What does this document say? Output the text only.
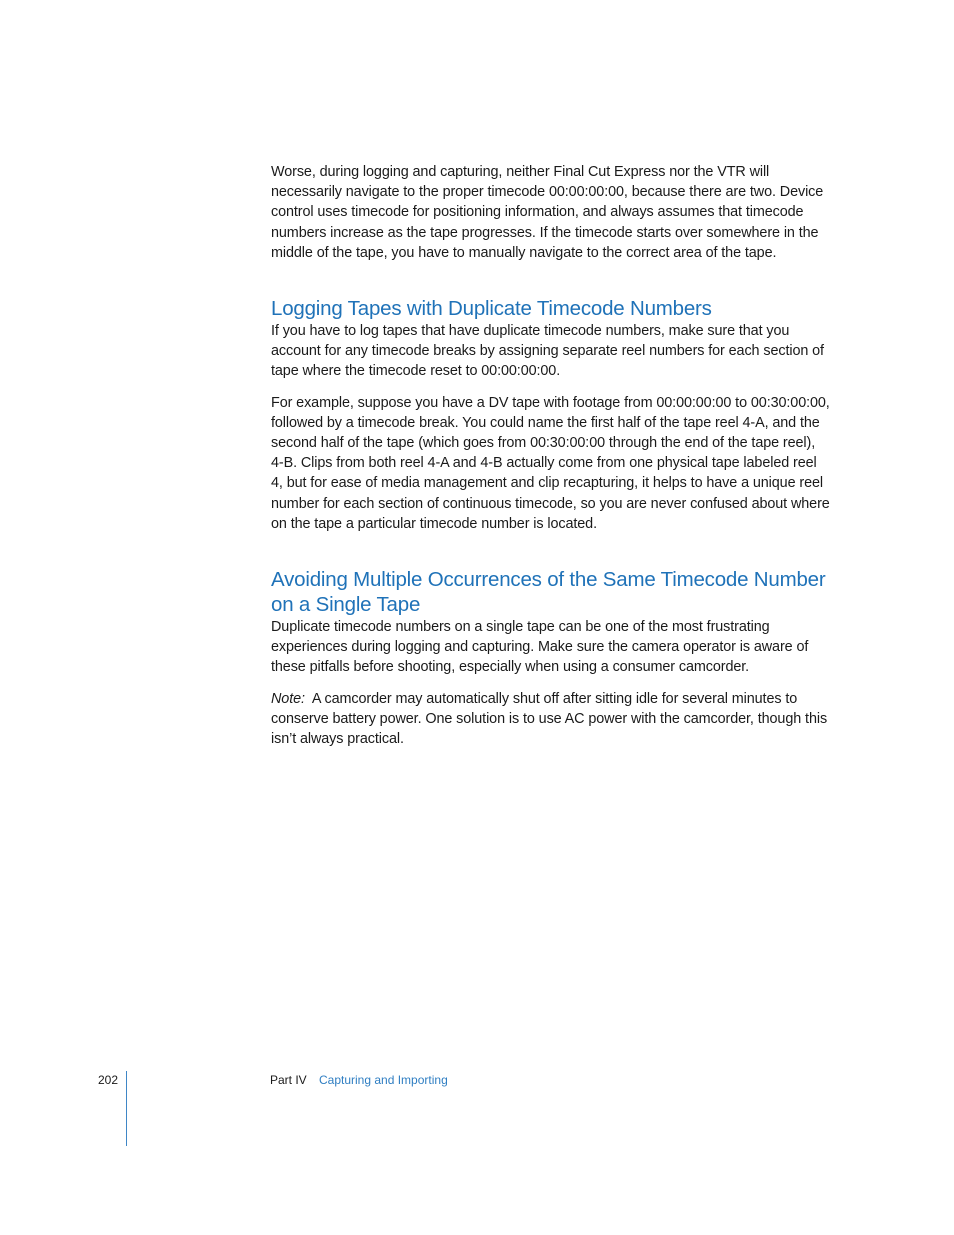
Worse, during logging and capturing, neither Final Cut Express nor the VTR will necessarily navigate to the proper timecode 00:00:00:00, because there are two. Device control uses timecode for positioning information, and always assumes that timecode numbers increase as the tape progresses. If the timecode starts over somewhere in the middle of the tape, you have to manually navigate to the correct area of the tape.

Logging Tapes with Duplicate Timecode Numbers

If you have to log tapes that have duplicate timecode numbers, make sure that you account for any timecode breaks by assigning separate reel numbers for each section of tape where the timecode reset to 00:00:00:00.

For example, suppose you have a DV tape with footage from 00:00:00:00 to 00:30:00:00, followed by a timecode break. You could name the first half of the tape reel 4-A, and the second half of the tape (which goes from 00:30:00:00 through the end of the tape reel), 4-B. Clips from both reel 4-A and 4-B actually come from one physical tape labeled reel 4, but for ease of media management and clip recapturing, it helps to have a unique reel number for each section of continuous timecode, so you are never confused about where on the tape a particular timecode number is located.

Avoiding Multiple Occurrences of the Same Timecode Number on a Single Tape

Duplicate timecode numbers on a single tape can be one of the most frustrating experiences during logging and capturing. Make sure the camera operator is aware of these pitfalls before shooting, especially when using a consumer camcorder.

Note: A camcorder may automatically shut off after sitting idle for several minutes to conserve battery power. One solution is to use AC power with the camcorder, though this isn’t always practical.

202	Part IV Capturing and Importing
